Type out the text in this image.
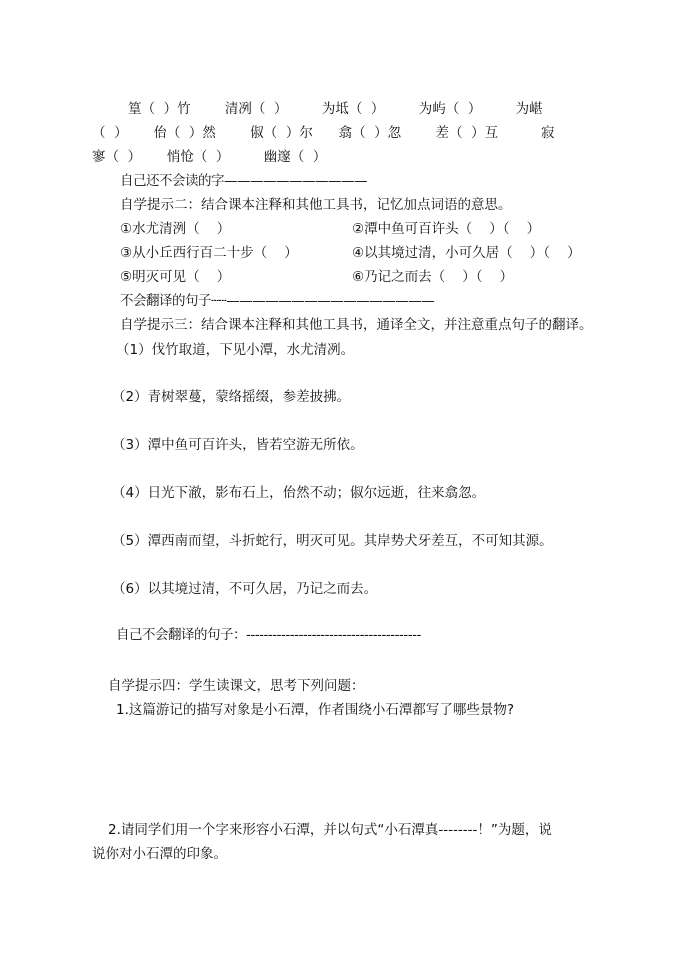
篁（  ）竹        清冽（  ）        为坻（  ）        为屿（  ）        为嵁
（  ）      佁（  ）然        俶（  ）尔      翕（  ）忽        差（  ）互          寂
寥（  ）      悄怆（  ）        幽邃（  ）
自己还不会读的字———————————
自学提示二：结合课本注释和其他工具书，记忆加点词语的意思。
①水尤清洌（    ）	②潭中鱼可百许头（    ）（    ）
③从小丘西行百二十步（    ）	④以其境过清，小可久居（    ）（    ）
⑤明灭可见（    ）	⑥乃记之而去（    ）（    ）
不会翻译的句子┄┄————————————————
自学提示三：结合课本注释和其他工具书，通译全文，并注意重点句子的翻译。
（1）伐竹取道，下见小潭，水尤清冽。
（2）青树翠蔓，蒙络摇缀，参差披拂。
（3）潭中鱼可百许头，皆若空游无所依。
（4）日光下澈，影布石上，佁然不动；俶尔远逝，往来翕忽。
（5）潭西南而望，斗折蛇行，明灭可见。其岸势犬牙差互，不可知其源。
（6）以其境过清，不可久居，乃记之而去。
自己不会翻译的句子：----------------------------------------
自学提示四：学生读课文，思考下列问题：
1.这篇游记的描写对象是小石潭，作者围绕小石潭都写了哪些景物?
2.请同学们用一个字来形容小石潭，并以句式“小石潭真--------！”为题，说
说你对小石潭的印象。
